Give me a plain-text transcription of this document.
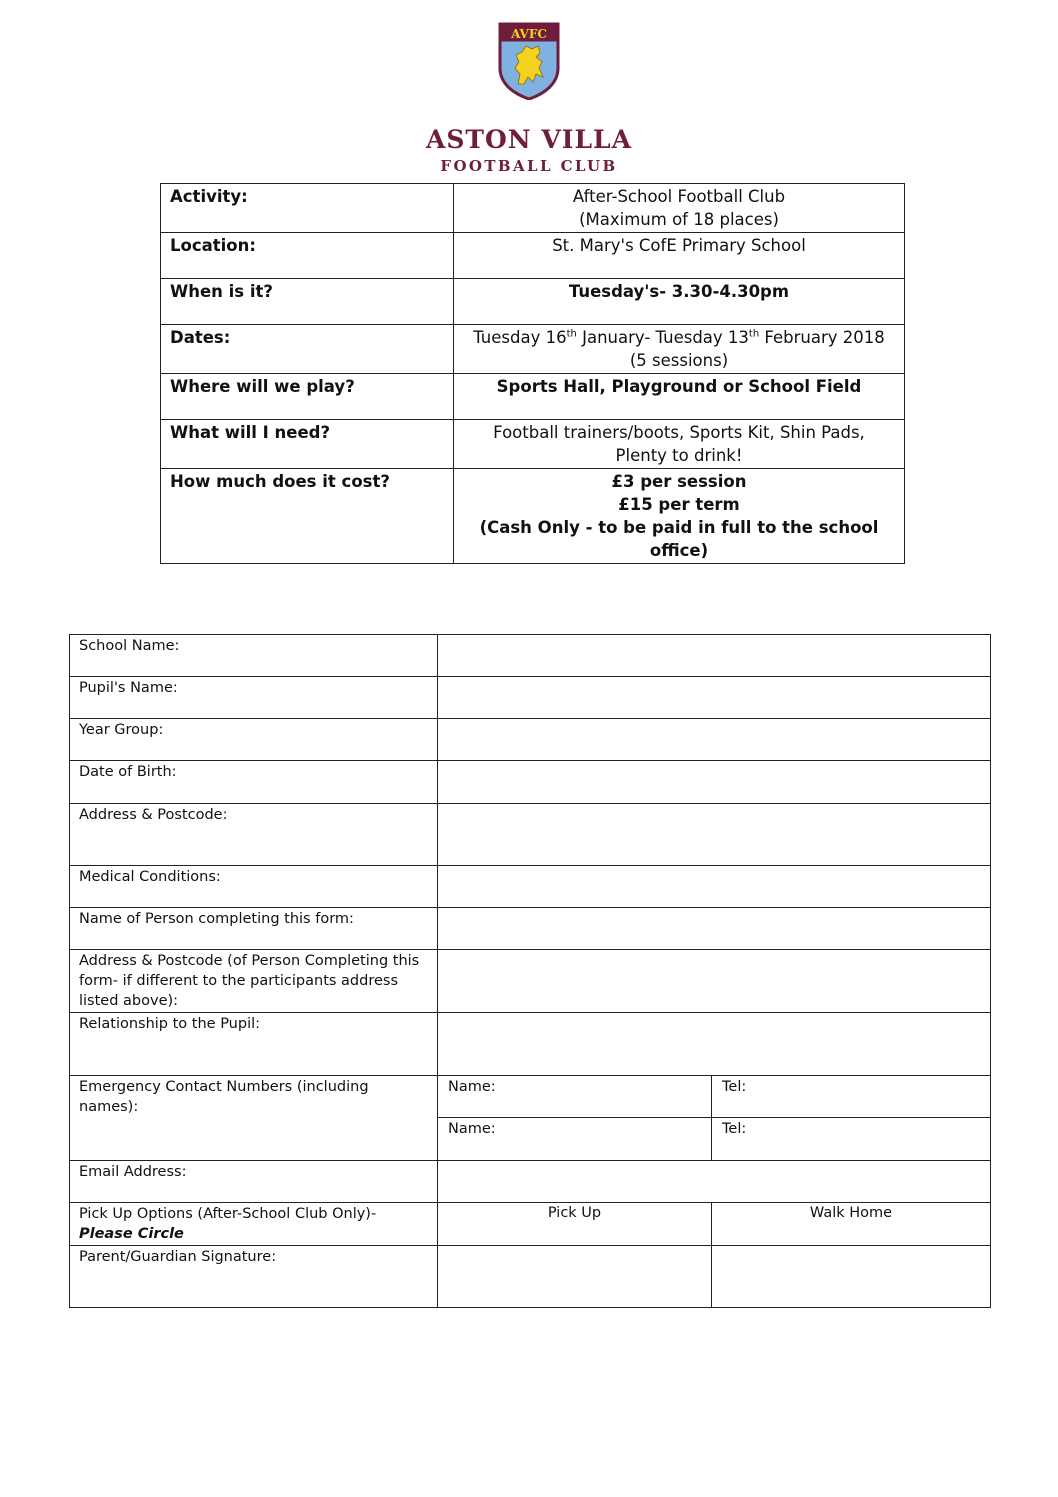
AVFC
ASTON VILLA
FOOTBALL CLUB
Activity:	After-School Football Club
(Maximum of 18 places)

Location:	St. Mary's CofE Primary School
When is it?	Tuesday's- 3.30-4.30pm
Dates:	Tuesday 16th January- Tuesday 13th February 2018
(5 sessions)

Where will we play?	Sports Hall, Playground or School Field
What will I need?	Football trainers/boots, Sports Kit, Shin Pads,
Plenty to drink!

How much does it cost?	£3 per session
£15 per term
(Cash Only - to be paid in full to the school
office)
School Name:		
Pupil's Name:		
Year Group:		
Date of Birth:		
Address & Postcode:		
Medical Conditions:		
Name of Person completing this form:		
Address & Postcode (of Person Completing this form- if different to the participants address listed above):		
Relationship to the Pupil:		
Emergency Contact Numbers (including names):	Name:	Tel:
	Name:	Tel:
Email Address:		

Pick Up Options (After-School Club Only)-
Please Circle	Pick Up	Walk Home
Parent/Guardian Signature:		
